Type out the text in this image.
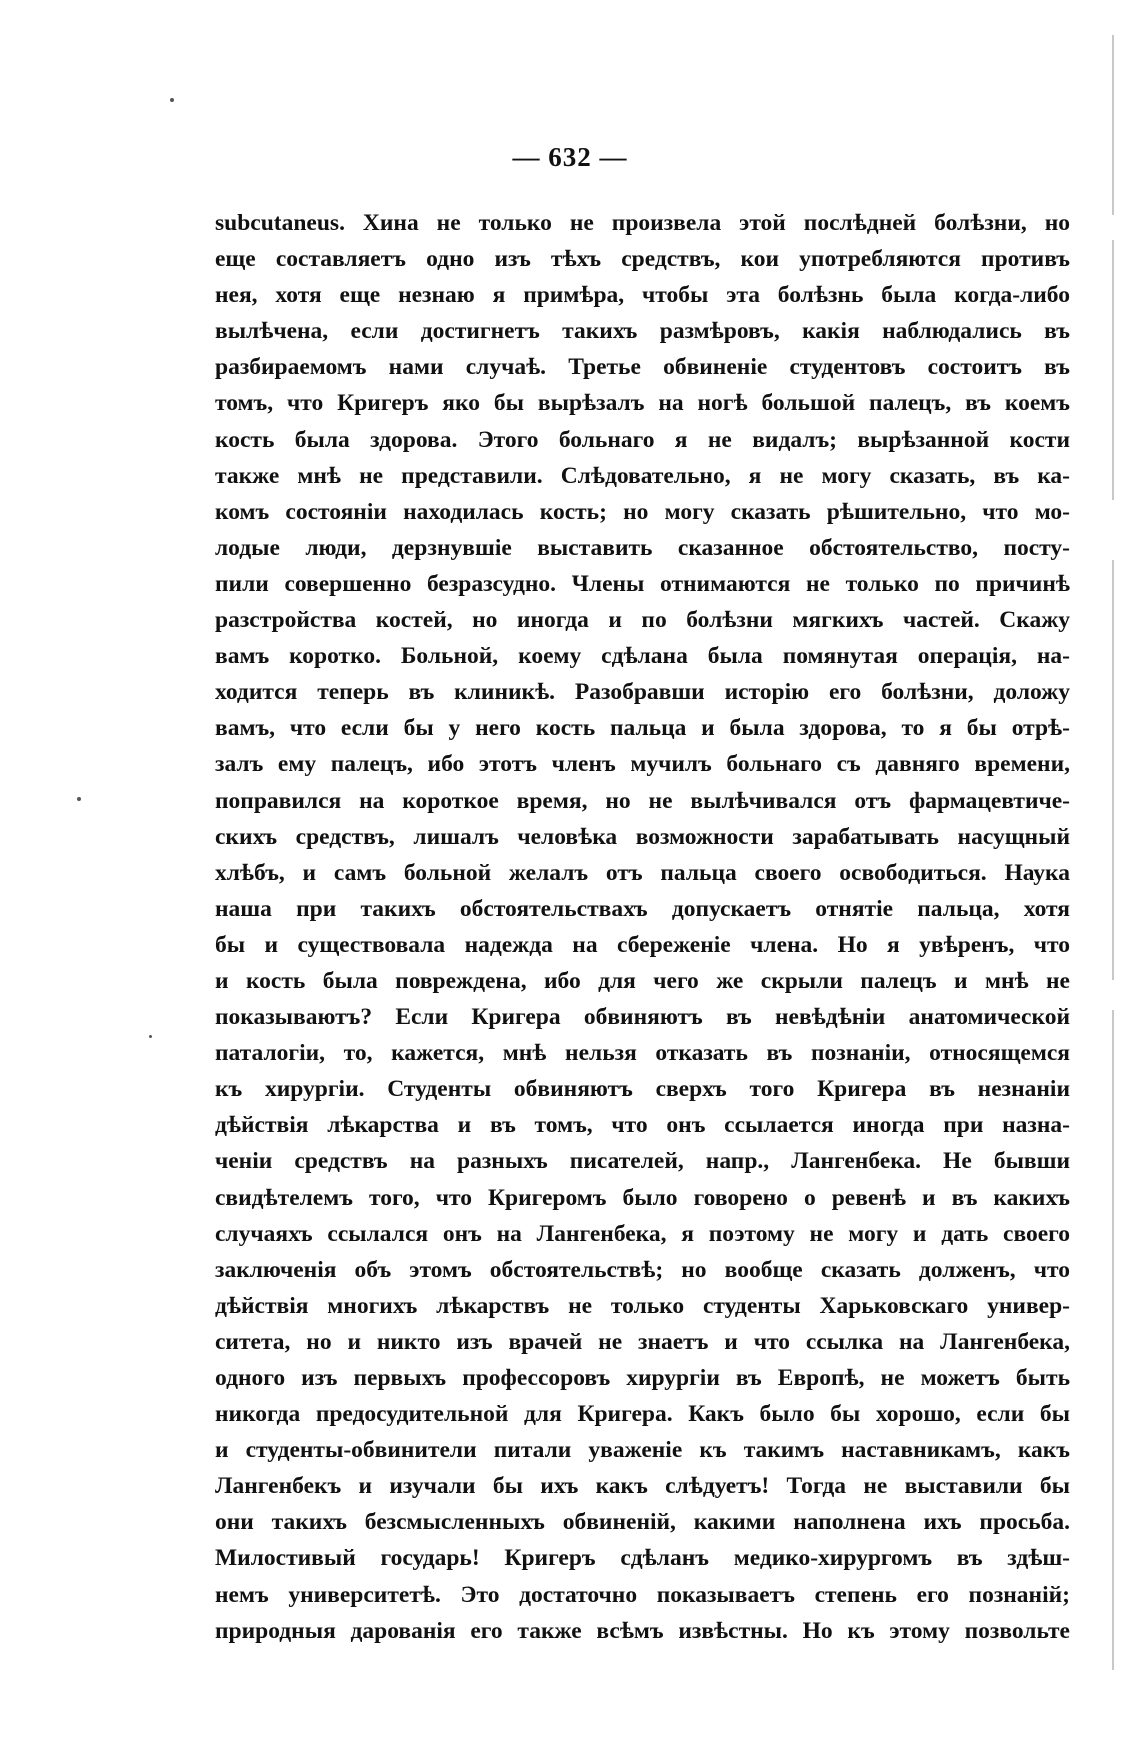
— 632 —
subcutaneus. Хина не только не произвела этой послѣдней болѣзни, но
еще составляетъ одно изъ тѣхъ средствъ, кои употребляются противъ
нея, хотя еще незнаю я примѣра, чтобы эта болѣзнь была когда-либо
вылѣчена, если достигнетъ такихъ размѣровъ, какія наблюдались въ
разбираемомъ нами случаѣ. Третье обвиненіе студентовъ состоитъ въ
томъ, что Кригеръ яко бы вырѣзалъ на ногѣ большой палецъ, въ коемъ
кость была здорова. Этого больнаго я не видалъ; вырѣзанной кости
также мнѣ не представили. Слѣдовательно, я не могу сказать, въ ка-
комъ состояніи находилась кость; но могу сказать рѣшительно, что мо-
лодые люди, дерзнувшіе выставить сказанное обстоятельство, посту-
пили совершенно безразсудно. Члены отнимаются не только по причинѣ
разстройства костей, но иногда и по болѣзни мягкихъ частей. Скажу
вамъ коротко. Больной, коему сдѣлана была помянутая операція, на-
ходится теперь въ клиникѣ. Разобравши исторію его болѣзни, доложу
вамъ, что если бы у него кость пальца и была здорова, то я бы отрѣ-
залъ ему палецъ, ибо этотъ членъ мучилъ больнаго съ давняго времени,
поправился на короткое время, но не вылѣчивался отъ фармацевтиче-
скихъ средствъ, лишалъ человѣка возможности зарабатывать насущный
хлѣбъ, и самъ больной желалъ отъ пальца своего освободиться. Наука
наша при такихъ обстоятельствахъ допускаетъ отнятіе пальца, хотя
бы и существовала надежда на сбереженіе члена. Но я увѣренъ, что
и кость была повреждена, ибо для чего же скрыли палецъ и мнѣ не
показываютъ? Если Кригера обвиняютъ въ невѣдѣніи анатомической
паталогіи, то, кажется, мнѣ нельзя отказать въ познаніи, относящемся
къ хирургіи. Студенты обвиняютъ сверхъ того Кригера въ незнаніи
дѣйствія лѣкарства и въ томъ, что онъ ссылается иногда при назна-
ченіи средствъ на разныхъ писателей, напр., Лангенбека. Не бывши
свидѣтелемъ того, что Кригеромъ было говорено о ревенѣ и въ какихъ
случаяхъ ссылался онъ на Лангенбека, я поэтому не могу и дать своего
заключенія объ этомъ обстоятельствѣ; но вообще сказать долженъ, что
дѣйствія многихъ лѣкарствъ не только студенты Харьковскаго универ-
ситета, но и никто изъ врачей не знаетъ и что ссылка на Лангенбека,
одного изъ первыхъ профессоровъ хирургіи въ Европѣ, не можетъ быть
никогда предосудительной для Кригера. Какъ было бы хорошо, если бы
и студенты-обвинители питали уваженіе къ такимъ наставникамъ, какъ
Лангенбекъ и изучали бы ихъ какъ слѣдуетъ! Тогда не выставили бы
они такихъ безсмысленныхъ обвиненій, какими наполнена ихъ просьба.
Милостивый государь! Кригеръ сдѣланъ медико-хирургомъ въ здѣш-
немъ университетѣ. Это достаточно показываетъ степень его познаній;
природныя дарованія его также всѣмъ извѣстны. Но къ этому позвольте
